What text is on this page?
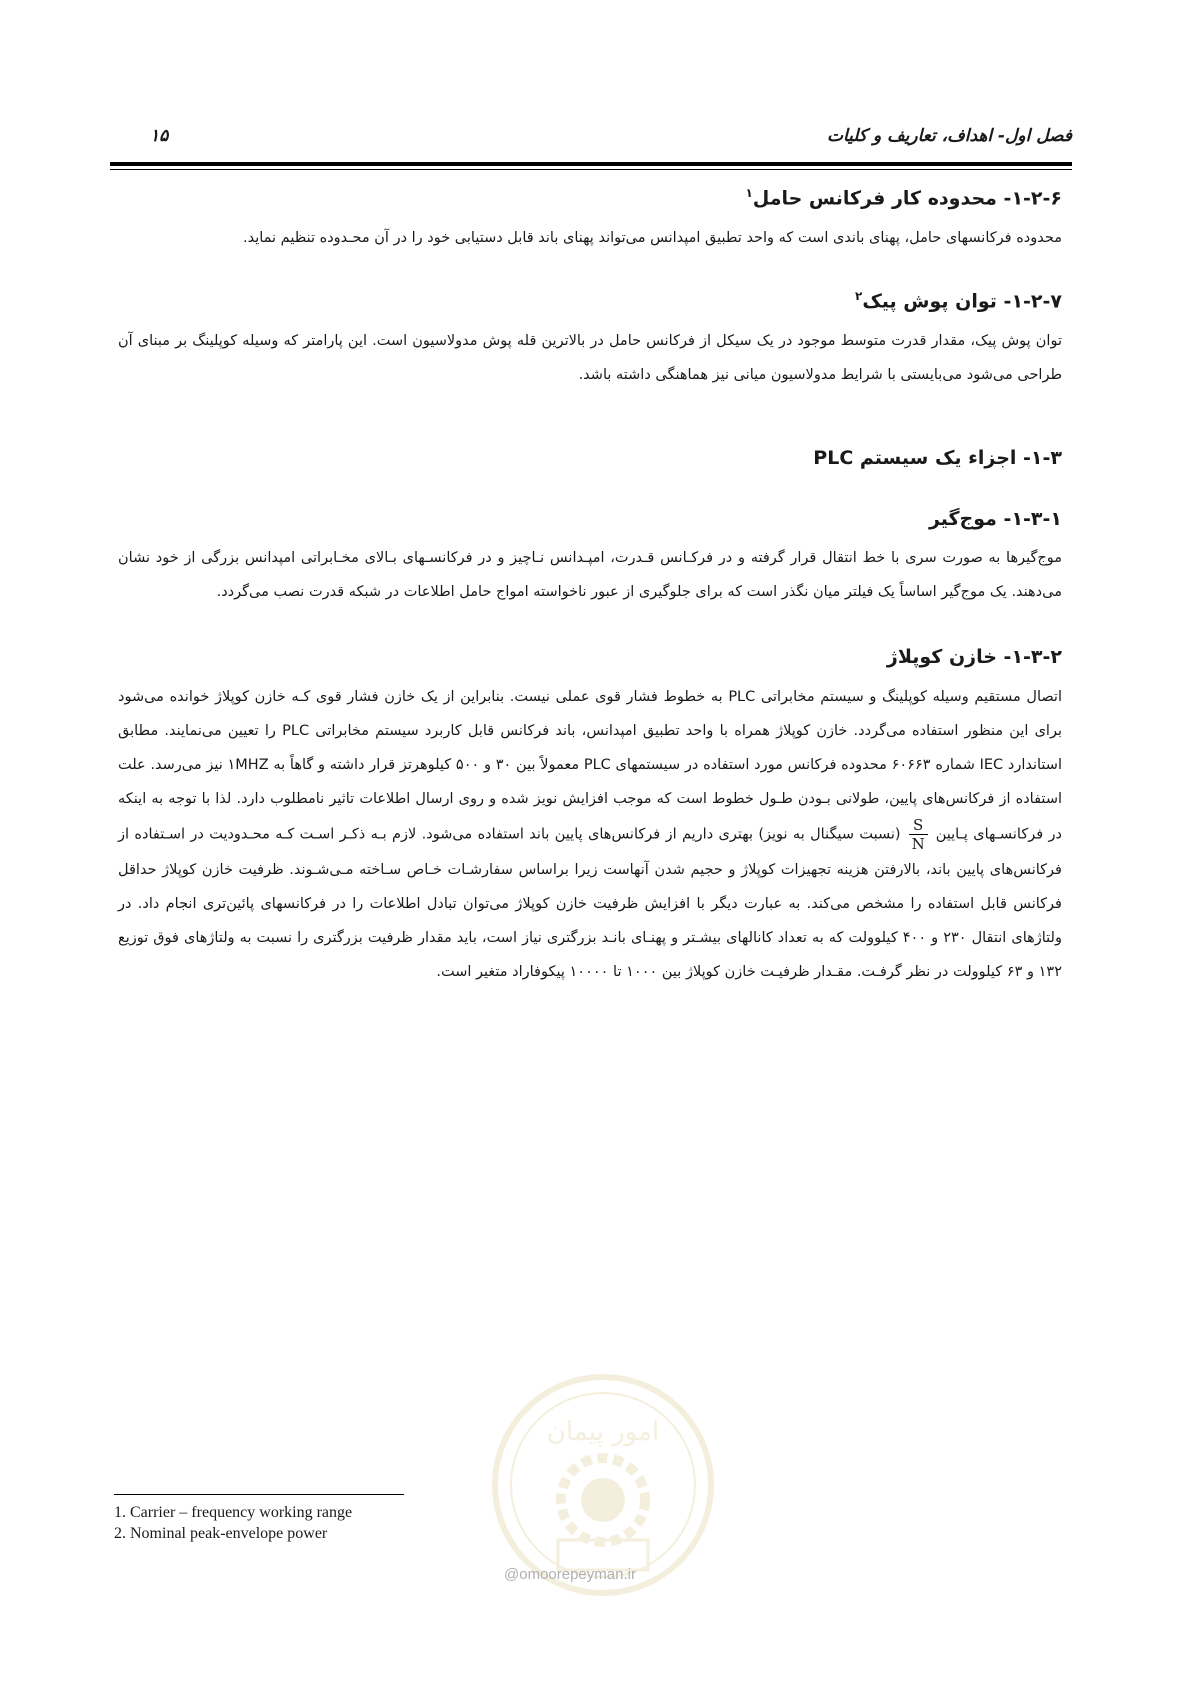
فصل اول- اهداف، تعاریف و کلیات
۱۵
۱-۲-۶- محدوده کار فرکانس حامل$^۱$

محدوده فرکانسهای حامل، پهنای باندی است که واحد تطبیق امپدانس می‌تواند پهنای باند قابل دستیابی خود را در آن محـدوده تنظیم نماید.

۱-۲-۷- توان پوش پیک$^۲$

توان پوش پیک، مقدار قدرت متوسط موجود در یک سیکل از فرکانس حامل در بالاترین قله پوش مدولاسیون است. این پارامتر که وسیله کوپلینگ بر مبنای آن طراحی می‌شود می‌بایستی با شرایط مدولاسیون میانی نیز هماهنگی داشته باشد.

۱-۳- اجزاء یک سیستم PLC
۱-۳-۱- موج‌گیر

موج‌گیرها به صورت سری با خط انتقال قرار گرفته و در فرکـانس قـدرت، امپـدانس نـاچیز و در فرکانسـهای بـالای مخـابراتی امپدانس بزرگی از خود نشان می‌دهند. یک موج‌گیر اساساً یک فیلتر میان نگذر است که برای جلوگیری از عبور ناخواسته امواج حامل اطلاعات در شبکه قدرت نصب می‌گردد.

۱-۳-۲- خازن کوپلاژ

اتصال مستقیم وسیله کوپلینگ و سیستم مخابراتی PLC به خطوط فشار قوی عملی نیست. بنابراین از یک خازن فشار قوی کـه خازن کوپلاژ خوانده می‌شود برای این منظور استفاده می‌گردد. خازن کوپلاژ همراه با واحد تطبیق امپدانس، باند فرکانس قابل کاربرد سیستم مخابراتی PLC را تعیین می‌نمایند. مطابق استاندارد IEC شماره ۶۰۶۶۳ محدوده فرکانس مورد استفاده در سیستمهای PLC معمولاً بین ۳۰ و ۵۰۰ کیلوهرتز قرار داشته و گاهاً به ۱MHZ نیز می‌رسد. علت استفاده از فرکانس‌های پایین، طولانی بـودن طـول خطوط است که موجب افزایش نویز شده و روی ارسال اطلاعات تاثیر نامطلوب دارد. لذا با توجه به اینکه در فرکانسـهای پـایین
$\frac{S}{N}$
(نسبت سیگنال به نویز) بهتری داریم از فرکانس‌های پایین باند استفاده می‌شود. لازم بـه ذکـر اسـت کـه محـدودیت در اسـتفاده از فرکانس‌های پایین باند، بالارفتن هزینه تجهیزات کوپلاژ و حجیم شدن آنهاست زیرا براساس سفارشـات خـاص سـاخته مـی‌شـوند. ظرفیت خازن کوپلاژ حداقل فرکانس قابل استفاده را مشخص می‌کند. به عبارت دیگر با افزایش ظرفیت خازن کوپلاژ می‌توان تبادل اطلاعات را در فرکانسهای پائین‌تری انجام داد. در ولتاژهای انتقال ۲۳۰ و ۴۰۰ کیلوولت که به تعداد کانالهای بیشـتر و پهنـای بانـد بزرگتری نیاز است، باید مقدار ظرفیت بزرگتری را نسبت به ولتاژهای فوق توزیع ۱۳۲ و ۶۳ کیلوولت در نظر گرفـت. مقـدار ظرفیـت خازن کوپلاژ بین ۱۰۰۰ تا ۱۰۰۰۰ پیکوفاراد متغیر است.

امور پیمان
@omoorepeyman.ir
1. Carrier – frequency working range
2. Nominal peak-envelope power
